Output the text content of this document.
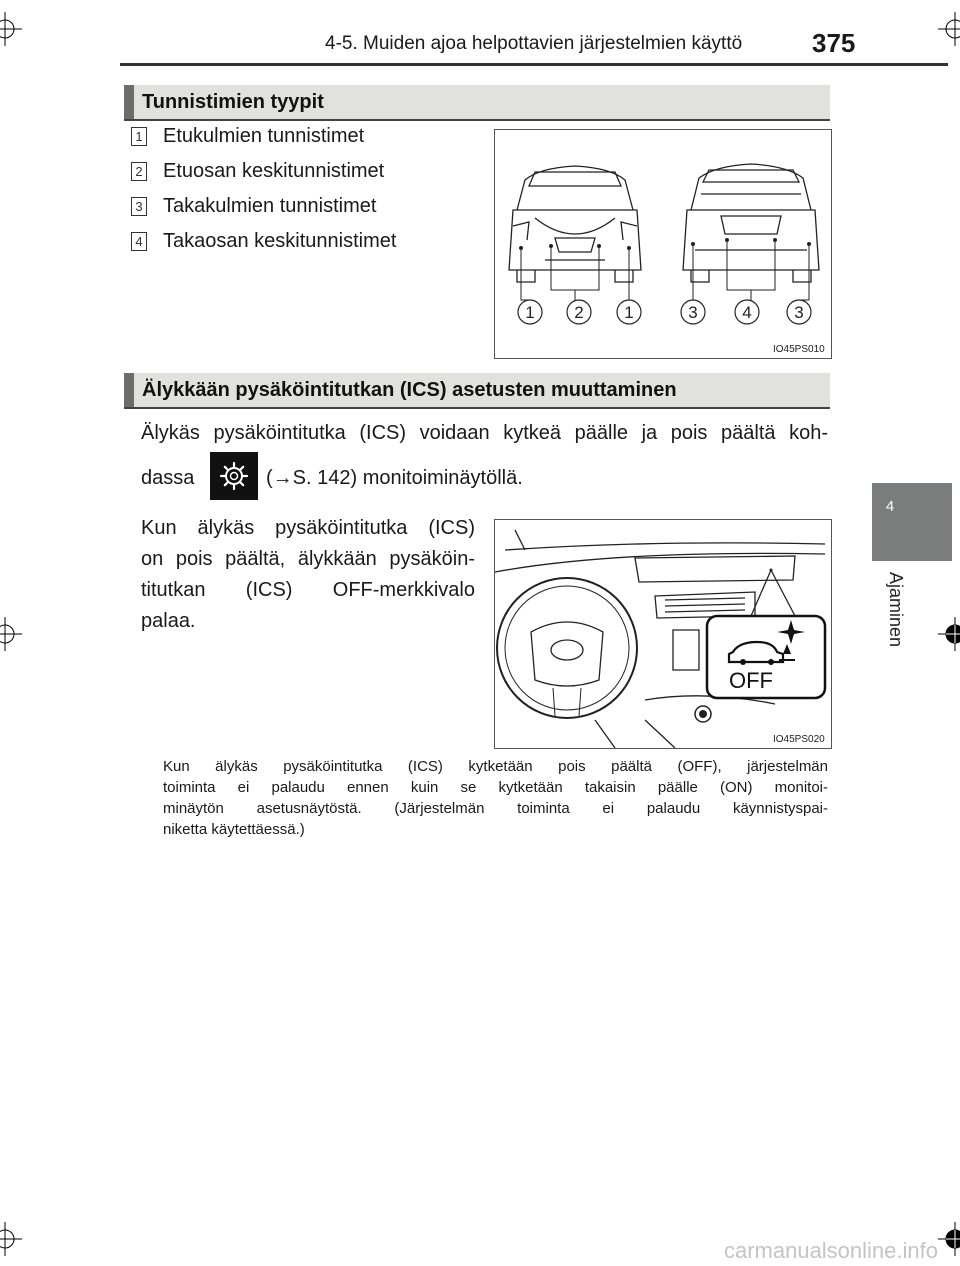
4-5. Muiden ajoa helpottavien järjestelmien käyttö	375
4
Ajaminen
Tunnistimien tyypit
1 Etukulmien tunnistimet
2 Etuosan keskitunnistimet
3 Takakulmien tunnistimet
4 Takaosan keskitunnistimet
1 2 1	3	4	3
IO45PS010
Älykkään pysäköintitutkan (ICS) asetusten muuttaminen
Älykäs pysäköintitutka (ICS) voidaan kytkeä päälle ja pois päältä koh-
dassa	(→S. 142) monitoiminäytöllä.
Kun älykäs pysäköintitutka (ICS)
on pois päältä, älykkään pysäköin-
titutkan (ICS) OFF-merkkivalo
palaa.
OFF
IO45PS020
Kun älykäs pysäköintitutka (ICS) kytketään pois päältä (OFF), järjestelmän
toiminta ei palaudu ennen kuin se kytketään takaisin päälle (ON) monitoi-
minäytön asetusnäytöstä. (Järjestelmän toiminta ei palaudu käynnistyspai-
niketta käytettäessä.)
carmanualsonline.info
